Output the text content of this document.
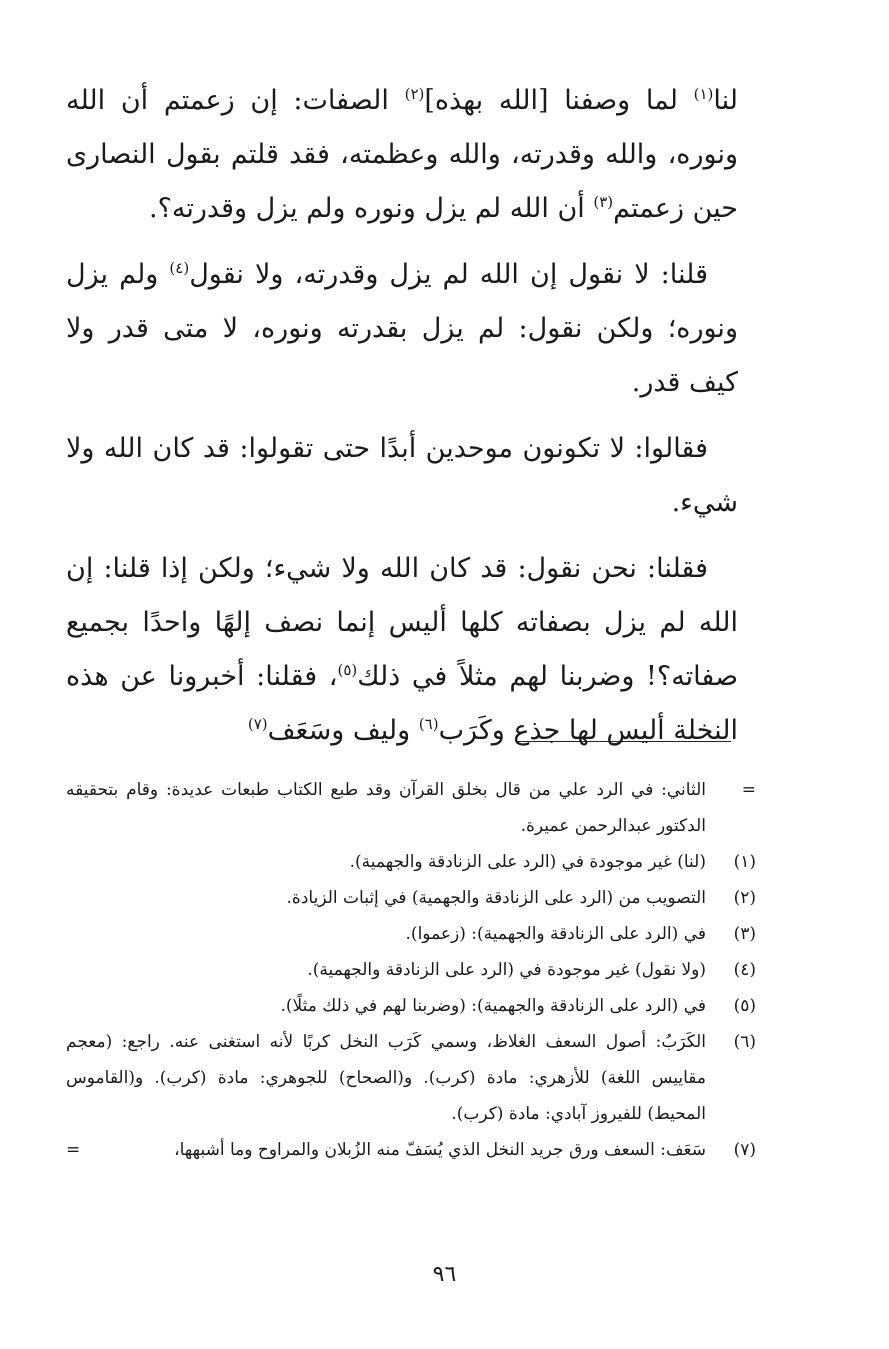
لنا$^{(١)}$ لما وصفنا [الله بهذه]$^{(٢)}$ الصفات: إن زعمتم أن الله ونوره، والله وقدرته، والله وعظمته، فقد قلتم بقول النصارى حين زعمتم$^{(٣)}$ أن الله لم يزل ونوره ولم يزل وقدرته؟.

قلنا: لا نقول إن الله لم يزل وقدرته، ولا نقول$^{(٤)}$ ولم يزل ونوره؛ ولكن نقول: لم يزل بقدرته ونوره، لا متى قدر ولا كيف قدر.

فقالوا: لا تكونون موحدين أبدًا حتى تقولوا: قد كان الله ولا شيء.

فقلنا: نحن نقول: قد كان الله ولا شيء؛ ولكن إذا قلنا: إن الله لم يزل بصفاته كلها أليس إنما نصف إلهًا واحدًا بجميع صفاته؟! وضربنا لهم مثلاً في ذلك$^{(٥)}$، فقلنا: أخبرونا عن هذه النخلة أليس لها جذع وكَرَب$^{(٦)}$ وليف وسَعَف$^{(٧)}$

=
الثاني: في الرد علي من قال بخلق القرآن وقد طبع الكتاب طبعات عديدة: وقام بتحقيقه الدكتور عبدالرحمن عميرة.
(١)
(لنا) غير موجودة في (الرد على الزنادقة والجهمية).
(٢)
التصويب من (الرد على الزنادقة والجهمية) في إثبات الزيادة.
(٣)
في (الرد على الزنادقة والجهمية): (زعموا).
(٤)
(ولا نقول) غير موجودة في (الرد على الزنادقة والجهمية).
(٥)
في (الرد على الزنادقة والجهمية): (وضربنا لهم في ذلك مثلًا).
(٦)
الكَرَبُ: أصول السعف الغلاظ، وسمي كَرَب النخل كربًا لأنه استغنى عنه. راجع: (معجم مقاييس اللغة) للأزهري: مادة (كرب). و(الصحاح) للجوهري: مادة (كرب). و(القاموس المحيط) للفيروز آبادي: مادة (كرب).
(٧)
سَعَف: السعف ورق جريد النخل الذي يُسَفّ منه الزُبلان والمراوح وما أشبهها،
=
٩٦
